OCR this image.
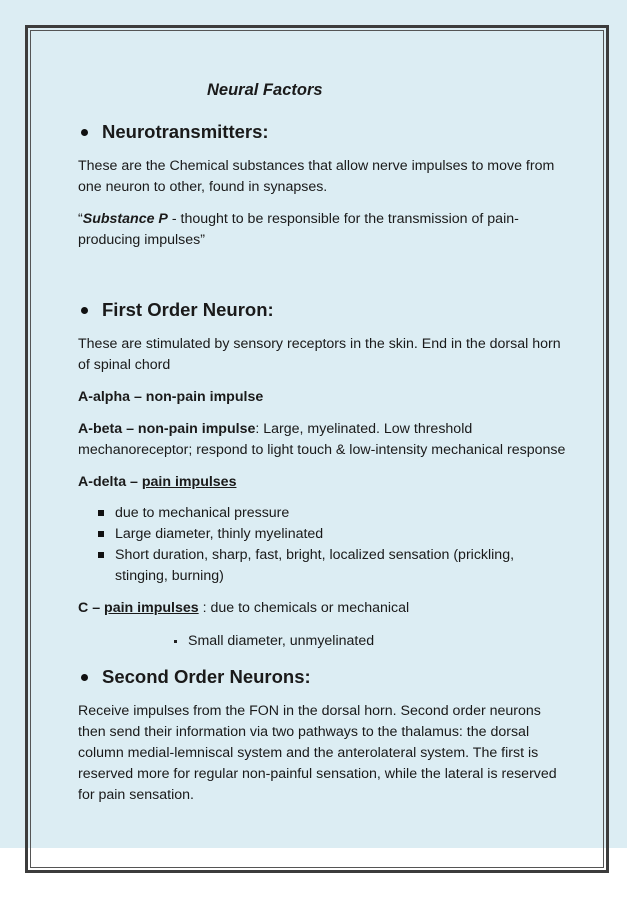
Neural Factors
Neurotransmitters:

These are the Chemical substances that allow nerve impulses to move from one neuron to other, found in synapses.

“Substance P - thought to be responsible for the transmission of pain-producing impulses”

First Order Neuron:

These are stimulated by sensory receptors in the skin. End in the dorsal horn of spinal chord

A-alpha – non-pain impulse

A-beta – non-pain impulse: Large, myelinated. Low threshold mechanoreceptor; respond to light touch & low-intensity mechanical response

A-delta – pain impulses

due to mechanical pressure
Large diameter, thinly myelinated
Short duration, sharp, fast, bright, localized sensation (prickling, stinging, burning)

C – pain impulses : due to chemicals or mechanical

Small diameter, unmyelinated
Second Order Neurons:

Receive impulses from the FON in the dorsal horn. Second order neurons then send their information via two pathways to the thalamus: the dorsal column medial-lemniscal system and the anterolateral system. The first is reserved more for regular non-painful sensation, while the lateral is reserved for pain sensation.
